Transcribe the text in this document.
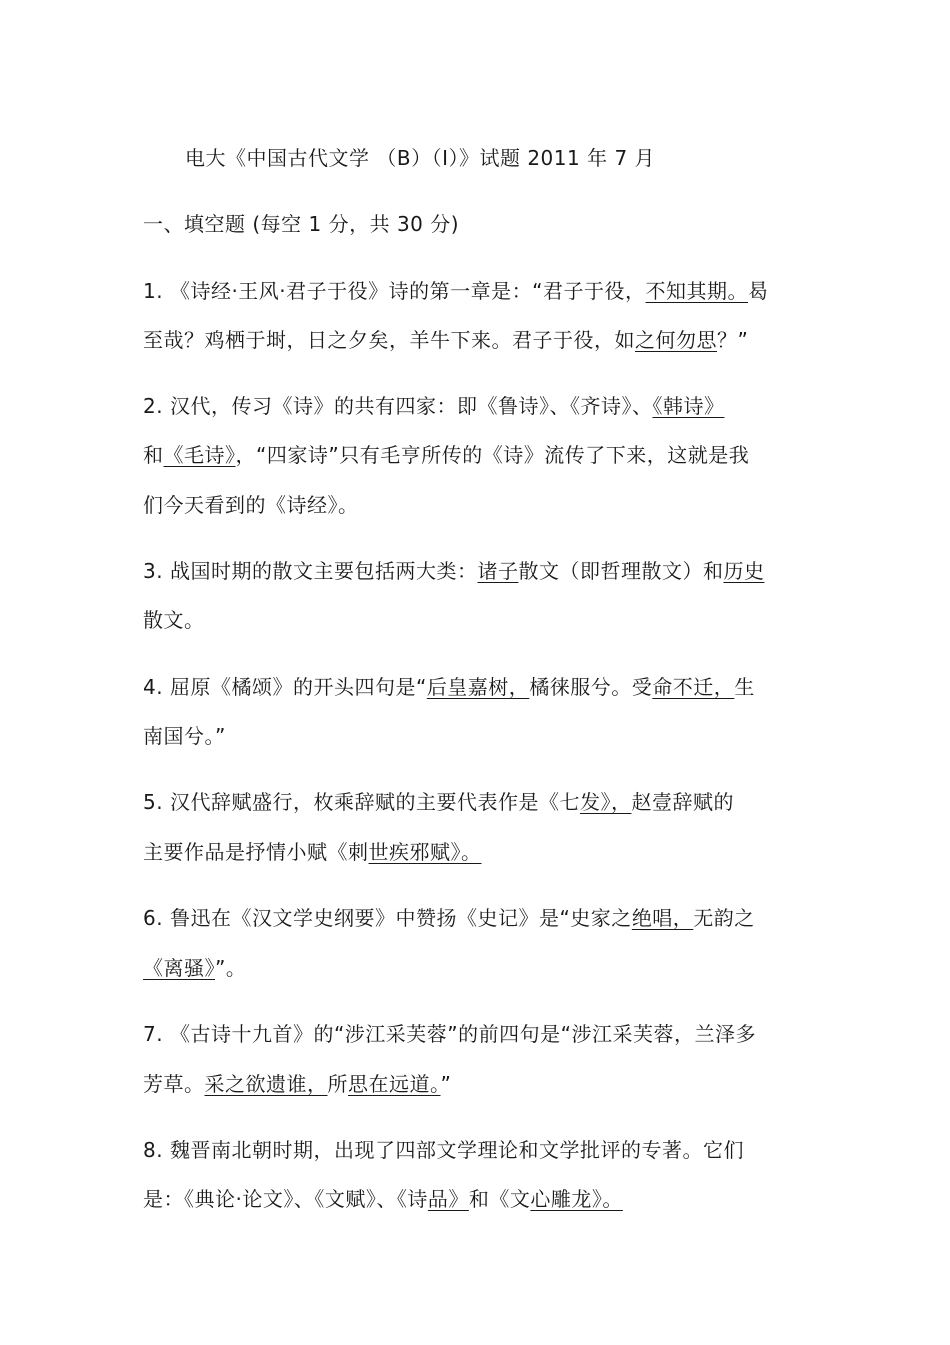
电大《中国古代文学 （B）（I）》试题 2011 年 7 月
一、填空题 (每空 1 分，共 30 分)
1. 《诗经·王风·君子于役》诗的第一章是：“君子于役，不知其期。曷
至哉？鸡栖于埘，日之夕矣，羊牛下来。君子于役，如之何勿思？”
2. 汉代，传习《诗》的共有四家：即《鲁诗》、《齐诗》、《韩诗》
和《毛诗》，“四家诗”只有毛亨所传的《诗》流传了下来，这就是我
们今天看到的《诗经》。
3. 战国时期的散文主要包括两大类：诸子散文（即哲理散文）和历史
散文。
4. 屈原《橘颂》的开头四句是“后皇嘉树，橘徕服兮。受命不迁，生
南国兮。”
5. 汉代辞赋盛行，枚乘辞赋的主要代表作是《七发》，赵壹辞赋的
主要作品是抒情小赋《刺世疾邪赋》。
6. 鲁迅在《汉文学史纲要》中赞扬《史记》是“史家之绝唱，无韵之
《离骚》”。
7. 《古诗十九首》的“涉江采芙蓉”的前四句是“涉江采芙蓉，兰泽多
芳草。采之欲遗谁，所思在远道。”
8. 魏晋南北朝时期，出现了四部文学理论和文学批评的专著。它们
是：《典论·论文》、《文赋》、《诗品》和《文心雕龙》。
